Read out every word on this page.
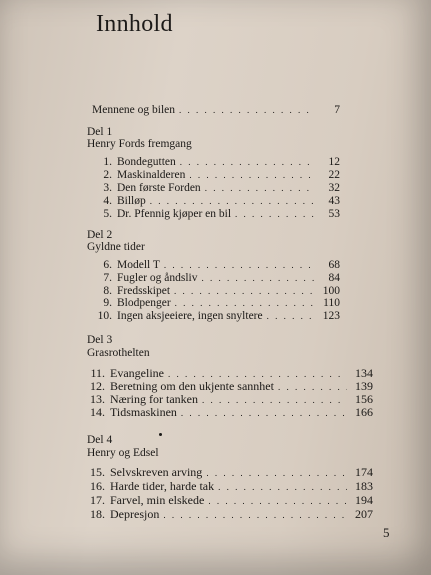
Innhold
Mennene og bilen . . .	7
Del 1
Henry Fords fremgang
1. Bondegutten . . .	12
2. Maskinalderen . . .	22
3. Den første Forden . . .	32
4. Billøp . . .	43
5. Dr. Pfennig kjøper en bil . . .	53
Del 2
Gyldne tider
6. Modell T . . .	68
7. Fugler og åndsliv . . .	84
8. Fredsskipet . . .	100
9. Blodpenger . . .	110
10. Ingen aksjeeiere, ingen snyltere . . .	123
Del 3
Grasrothelten
11. Evangeline . . .	134
12. Beretning om den ukjente sannhet . . .	139
13. Næring for tanken . . .	156
14. Tidsmaskinen . . .	166
Del 4
Henry og Edsel
15. Selvskreven arving . . .	174
16. Harde tider, harde tak . . .	183
17. Farvel, min elskede . . .	194
18. Depresjon . . .	207
5
